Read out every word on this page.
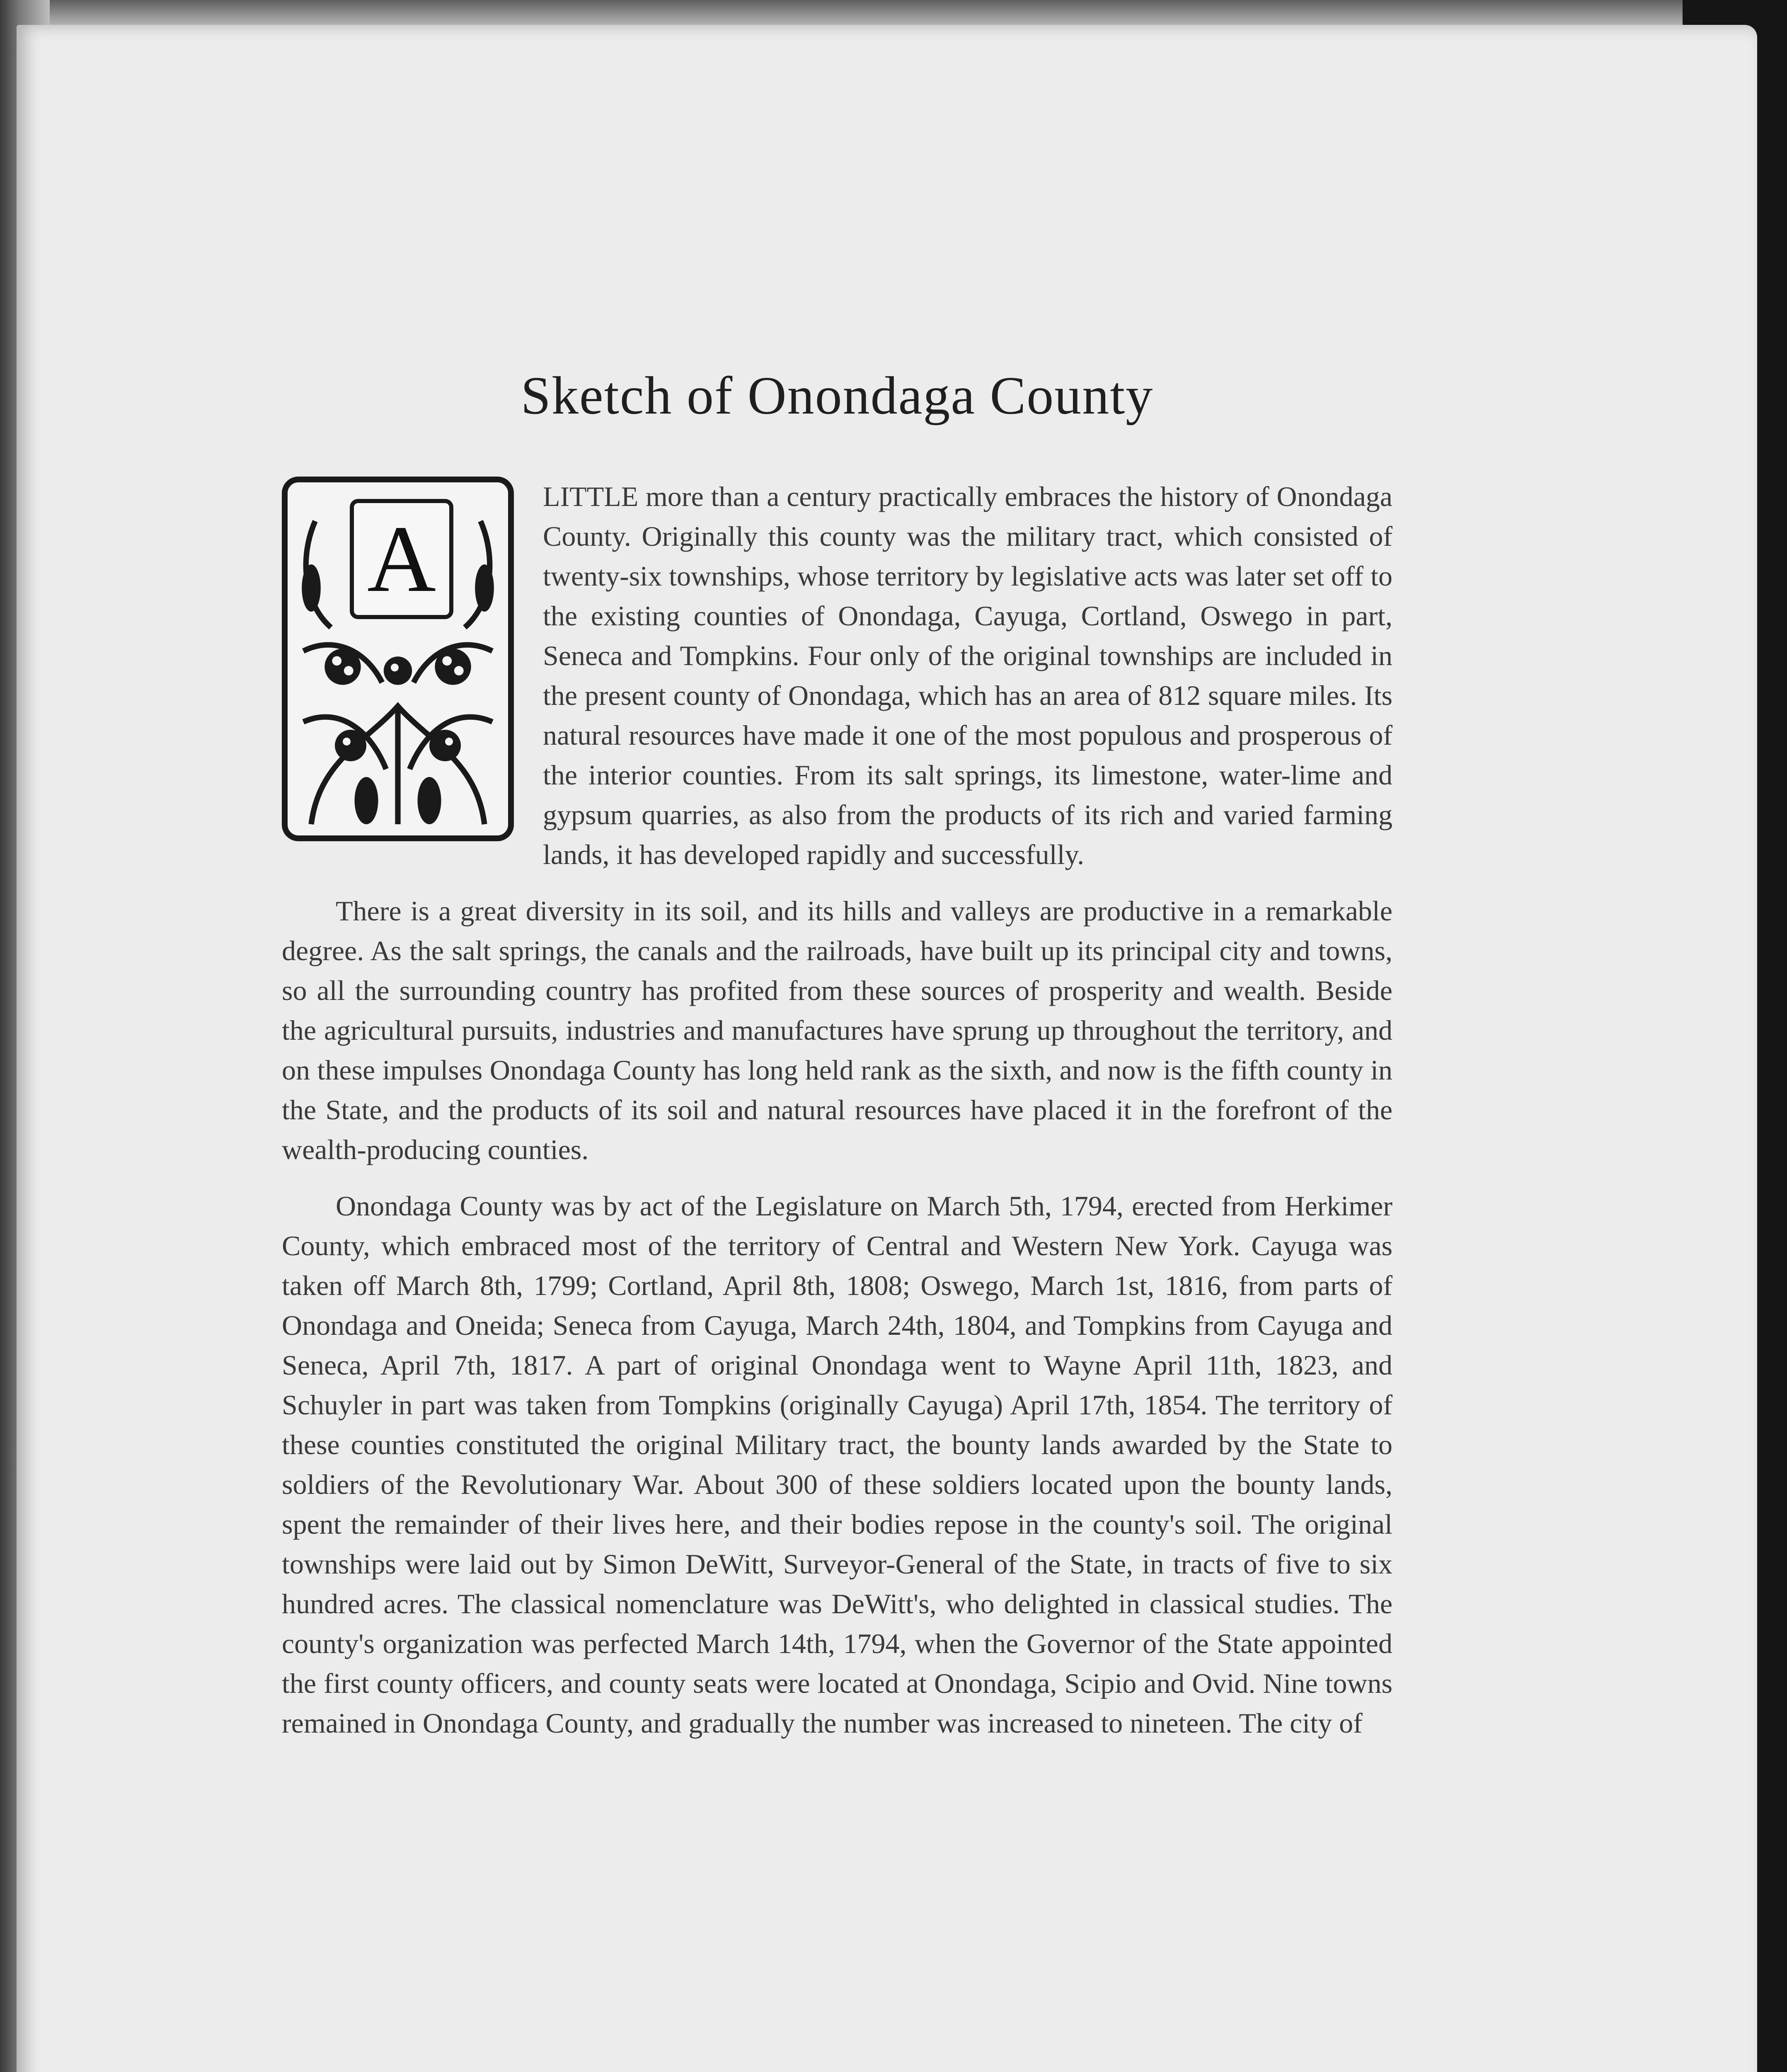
Sketch of Onondaga County
A

LITTLE more than a century practically embraces the history of Onondaga County. Originally this county was the military tract, which consisted of twenty-six townships, whose territory by legislative acts was later set off to the existing counties of Onondaga, Cayuga, Cortland, Oswego in part, Seneca and Tompkins. Four only of the original townships are included in the present county of Onondaga, which has an area of 812 square miles. Its natural resources have made it one of the most populous and prosperous of the interior counties. From its salt springs, its limestone, water-lime and gypsum quarries, as also from the products of its rich and varied farming lands, it has developed rapidly and successfully.

There is a great diversity in its soil, and its hills and valleys are productive in a remarkable degree. As the salt springs, the canals and the railroads, have built up its principal city and towns, so all the surrounding country has profited from these sources of prosperity and wealth. Beside the agricultural pursuits, industries and manufactures have sprung up throughout the territory, and on these impulses Onondaga County has long held rank as the sixth, and now is the fifth county in the State, and the products of its soil and natural resources have placed it in the forefront of the wealth-producing counties.

Onondaga County was by act of the Legislature on March 5th, 1794, erected from Herkimer County, which embraced most of the territory of Central and Western New York. Cayuga was taken off March 8th, 1799; Cortland, April 8th, 1808; Oswego, March 1st, 1816, from parts of Onondaga and Oneida; Seneca from Cayuga, March 24th, 1804, and Tompkins from Cayuga and Seneca, April 7th, 1817. A part of original Onondaga went to Wayne April 11th, 1823, and Schuyler in part was taken from Tompkins (originally Cayuga) April 17th, 1854. The territory of these counties constituted the original Military tract, the bounty lands awarded by the State to soldiers of the Revolutionary War. About 300 of these soldiers located upon the bounty lands, spent the remainder of their lives here, and their bodies repose in the county's soil. The original townships were laid out by Simon DeWitt, Surveyor-General of the State, in tracts of five to six hundred acres. The classical nomenclature was DeWitt's, who delighted in classical studies. The county's organization was perfected March 14th, 1794, when the Governor of the State appointed the first county officers, and county seats were located at Onondaga, Scipio and Ovid. Nine towns remained in Onondaga County, and gradually the number was increased to nineteen. The city of
